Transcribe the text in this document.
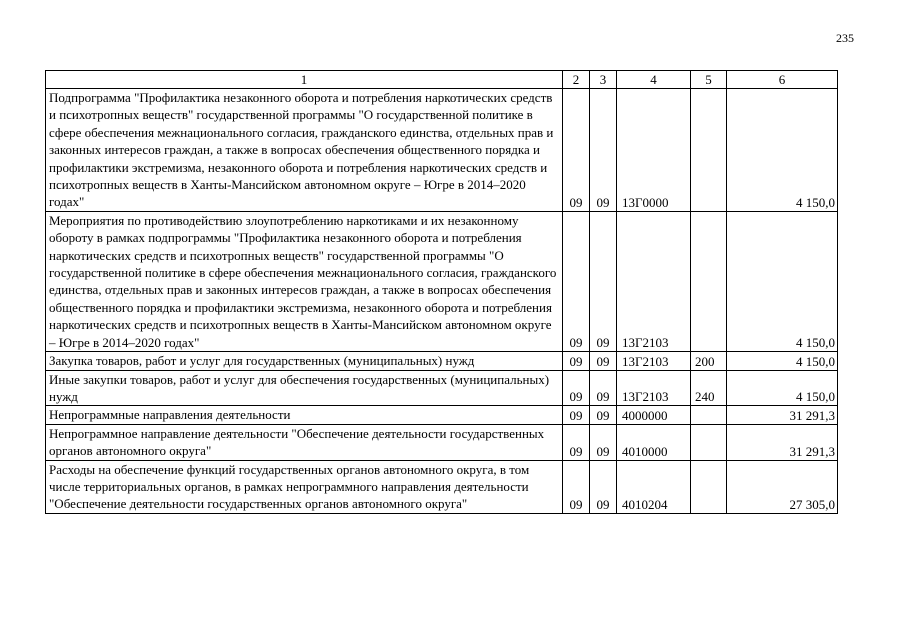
235
1	2	3	4	5	6
Подпрограмма "Профилактика незаконного оборота и потребления наркотических средств и психотропных веществ" государственной программы "О государственной политике в сфере обеспечения межнационального согласия, гражданского единства, отдельных прав и законных интересов граждан, а также в вопросах обеспечения общественного порядка и профилактики экстремизма, незаконного оборота и потребления наркотических средств и психотропных веществ в Ханты-Мансийском автономном округе – Югре в 2014–2020 годах"	09	09	13Г0000		4 150,0
Мероприятия по противодействию злоупотреблению наркотиками и их незаконному обороту в рамках подпрограммы "Профилактика незаконного оборота и потребления наркотических средств и психотропных веществ" государственной программы "О государственной политике в сфере обеспечения межнационального согласия, гражданского единства, отдельных прав и законных интересов граждан, а также в вопросах обеспечения общественного порядка и профилактики экстремизма, незаконного оборота и потребления наркотических средств и психотропных веществ в Ханты-Мансийском автономном округе – Югре в 2014–2020 годах"	09	09	13Г2103		4 150,0
Закупка товаров, работ и услуг для государственных (муниципальных) нужд	09	09	13Г2103	200	4 150,0
Иные закупки товаров, работ и услуг для обеспечения государственных (муниципальных) нужд	09	09	13Г2103	240	4 150,0
Непрограммные направления деятельности	09	09	4000000		31 291,3
Непрограммное направление деятельности "Обеспечение деятельности государственных органов автономного округа"	09	09	4010000		31 291,3
Расходы на обеспечение функций государственных органов автономного округа, в том числе территориальных органов, в рамках непрограммного направления деятельности "Обеспечение деятельности государственных органов автономного округа"	09	09	4010204		27 305,0
